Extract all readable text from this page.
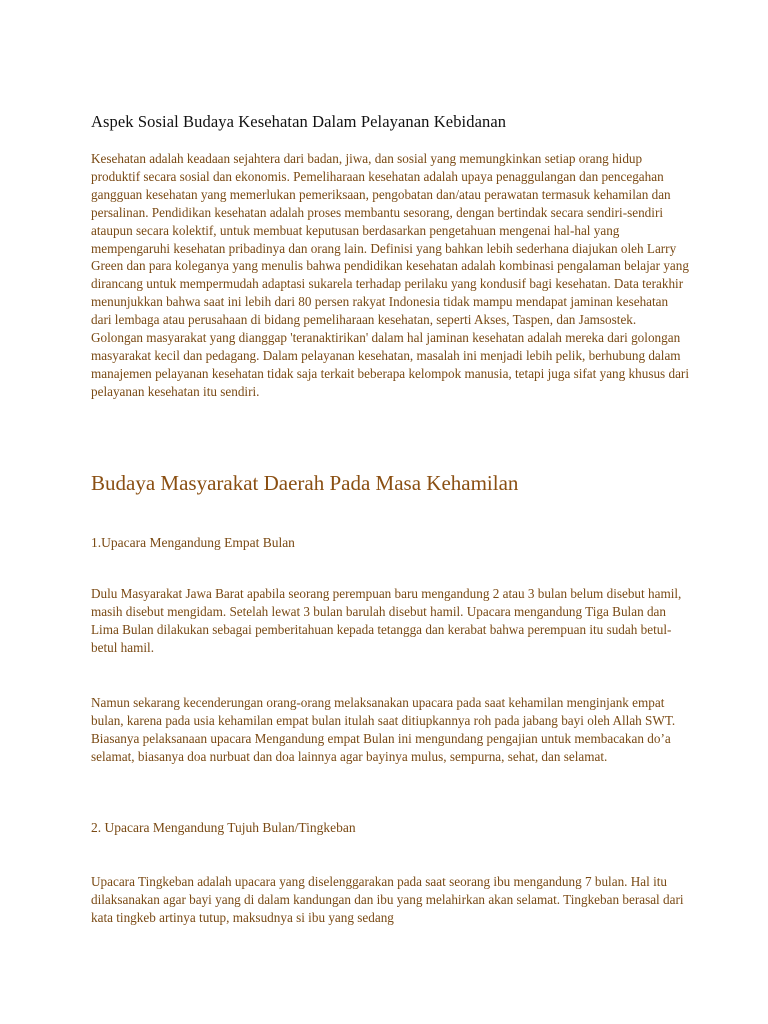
Aspek Sosial Budaya Kesehatan Dalam Pelayanan Kebidanan

Kesehatan adalah keadaan sejahtera dari badan, jiwa, dan sosial yang memungkinkan setiap orang hidup produktif secara sosial dan ekonomis. Pemeliharaan kesehatan adalah upaya penaggulangan dan pencegahan gangguan kesehatan yang memerlukan pemeriksaan, pengobatan dan/atau perawatan termasuk kehamilan dan persalinan. Pendidikan kesehatan adalah proses membantu sesorang, dengan bertindak secara sendiri-sendiri ataupun secara kolektif, untuk membuat keputusan berdasarkan pengetahuan mengenai hal-hal yang mempengaruhi kesehatan pribadinya dan orang lain. Definisi yang bahkan lebih sederhana diajukan oleh Larry Green dan para koleganya yang menulis bahwa pendidikan kesehatan adalah kombinasi pengalaman belajar yang dirancang untuk mempermudah adaptasi sukarela terhadap perilaku yang kondusif bagi kesehatan. Data terakhir menunjukkan bahwa saat ini lebih dari 80 persen rakyat Indonesia tidak mampu mendapat jaminan kesehatan dari lembaga atau perusahaan di bidang pemeliharaan kesehatan, seperti Akses, Taspen, dan Jamsostek. Golongan masyarakat yang dianggap 'teranaktirikan' dalam hal jaminan kesehatan adalah mereka dari golongan masyarakat kecil dan pedagang. Dalam pelayanan kesehatan, masalah ini menjadi lebih pelik, berhubung dalam manajemen pelayanan kesehatan tidak saja terkait beberapa kelompok manusia, tetapi juga sifat yang khusus dari pelayanan kesehatan itu sendiri.

Budaya Masyarakat Daerah Pada Masa Kehamilan
1.Upacara Mengandung Empat Bulan

Dulu Masyarakat Jawa Barat apabila seorang perempuan baru mengandung 2 atau 3 bulan belum disebut hamil, masih disebut mengidam. Setelah lewat 3 bulan barulah disebut hamil. Upacara mengandung Tiga Bulan dan Lima Bulan dilakukan sebagai pemberitahuan kepada tetangga dan kerabat bahwa perempuan itu sudah betul-betul hamil.

Namun sekarang kecenderungan orang-orang melaksanakan upacara pada saat kehamilan menginjank empat bulan, karena pada usia kehamilan empat bulan itulah saat ditiupkannya roh pada jabang bayi oleh Allah SWT. Biasanya pelaksanaan upacara Mengandung empat Bulan ini mengundang pengajian untuk membacakan do’a selamat, biasanya doa nurbuat dan doa lainnya agar bayinya mulus, sempurna, sehat, dan selamat.

2. Upacara Mengandung Tujuh Bulan/Tingkeban

Upacara Tingkeban adalah upacara yang diselenggarakan pada saat seorang ibu mengandung 7 bulan. Hal itu dilaksanakan agar bayi yang di dalam kandungan dan ibu yang melahirkan akan selamat. Tingkeban berasal dari kata tingkeb artinya tutup, maksudnya si ibu yang sedang
